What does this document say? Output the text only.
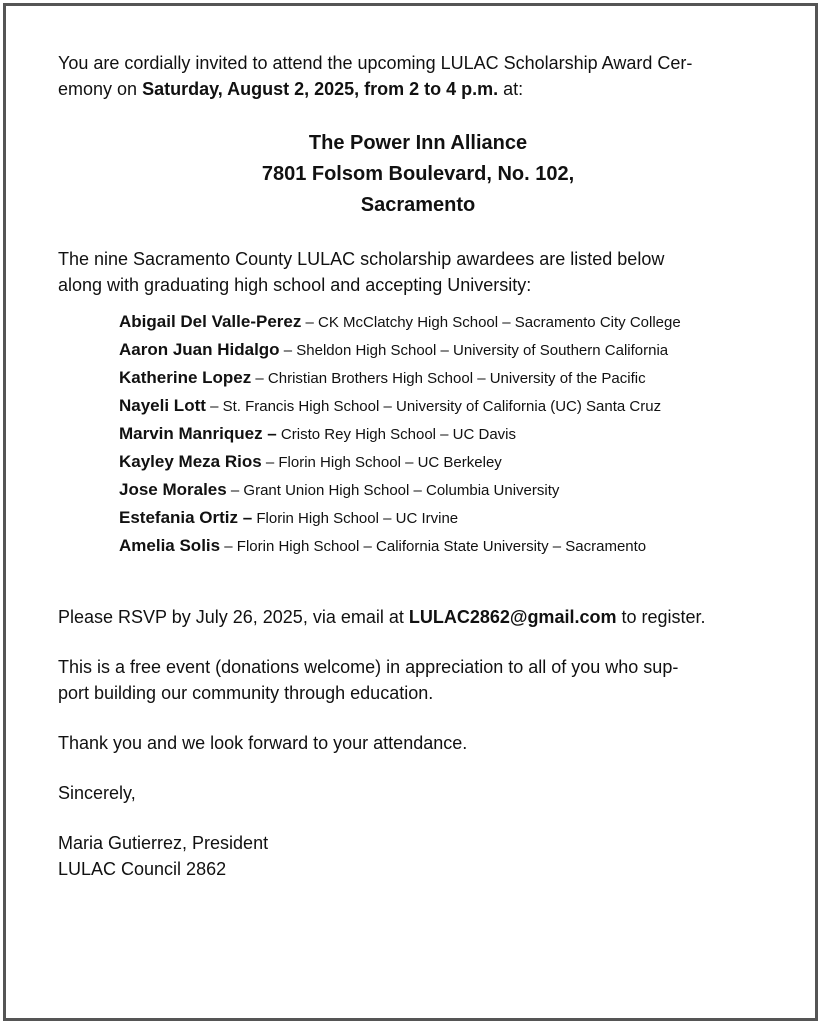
You are cordially invited to attend the upcoming LULAC Scholarship Award Cer-
emony on Saturday, August 2, 2025, from 2 to 4 p.m. at:

The Power Inn Alliance
7801 Folsom Boulevard, No. 102,
Sacramento

The nine Sacramento County LULAC scholarship awardees are listed below
along with graduating high school and accepting University:

Abigail Del Valle-Perez – CK McClatchy High School – Sacramento City College
Aaron Juan Hidalgo – Sheldon High School – University of Southern California
Katherine Lopez – Christian Brothers High School – University of the Pacific
Nayeli Lott – St. Francis High School – University of California (UC) Santa Cruz
Marvin Manriquez – Cristo Rey High School – UC Davis
Kayley Meza Rios – Florin High School – UC Berkeley
Jose Morales – Grant Union High School – Columbia University
Estefania Ortiz – Florin High School – UC Irvine
Amelia Solis – Florin High School – California State University – Sacramento

Please RSVP by July 26, 2025, via email at LULAC2862@gmail.com to register.

This is a free event (donations welcome) in appreciation to all of you who sup-
port building our community through education.

Thank you and we look forward to your attendance.

Sincerely,

Maria Gutierrez, President
LULAC Council 2862
